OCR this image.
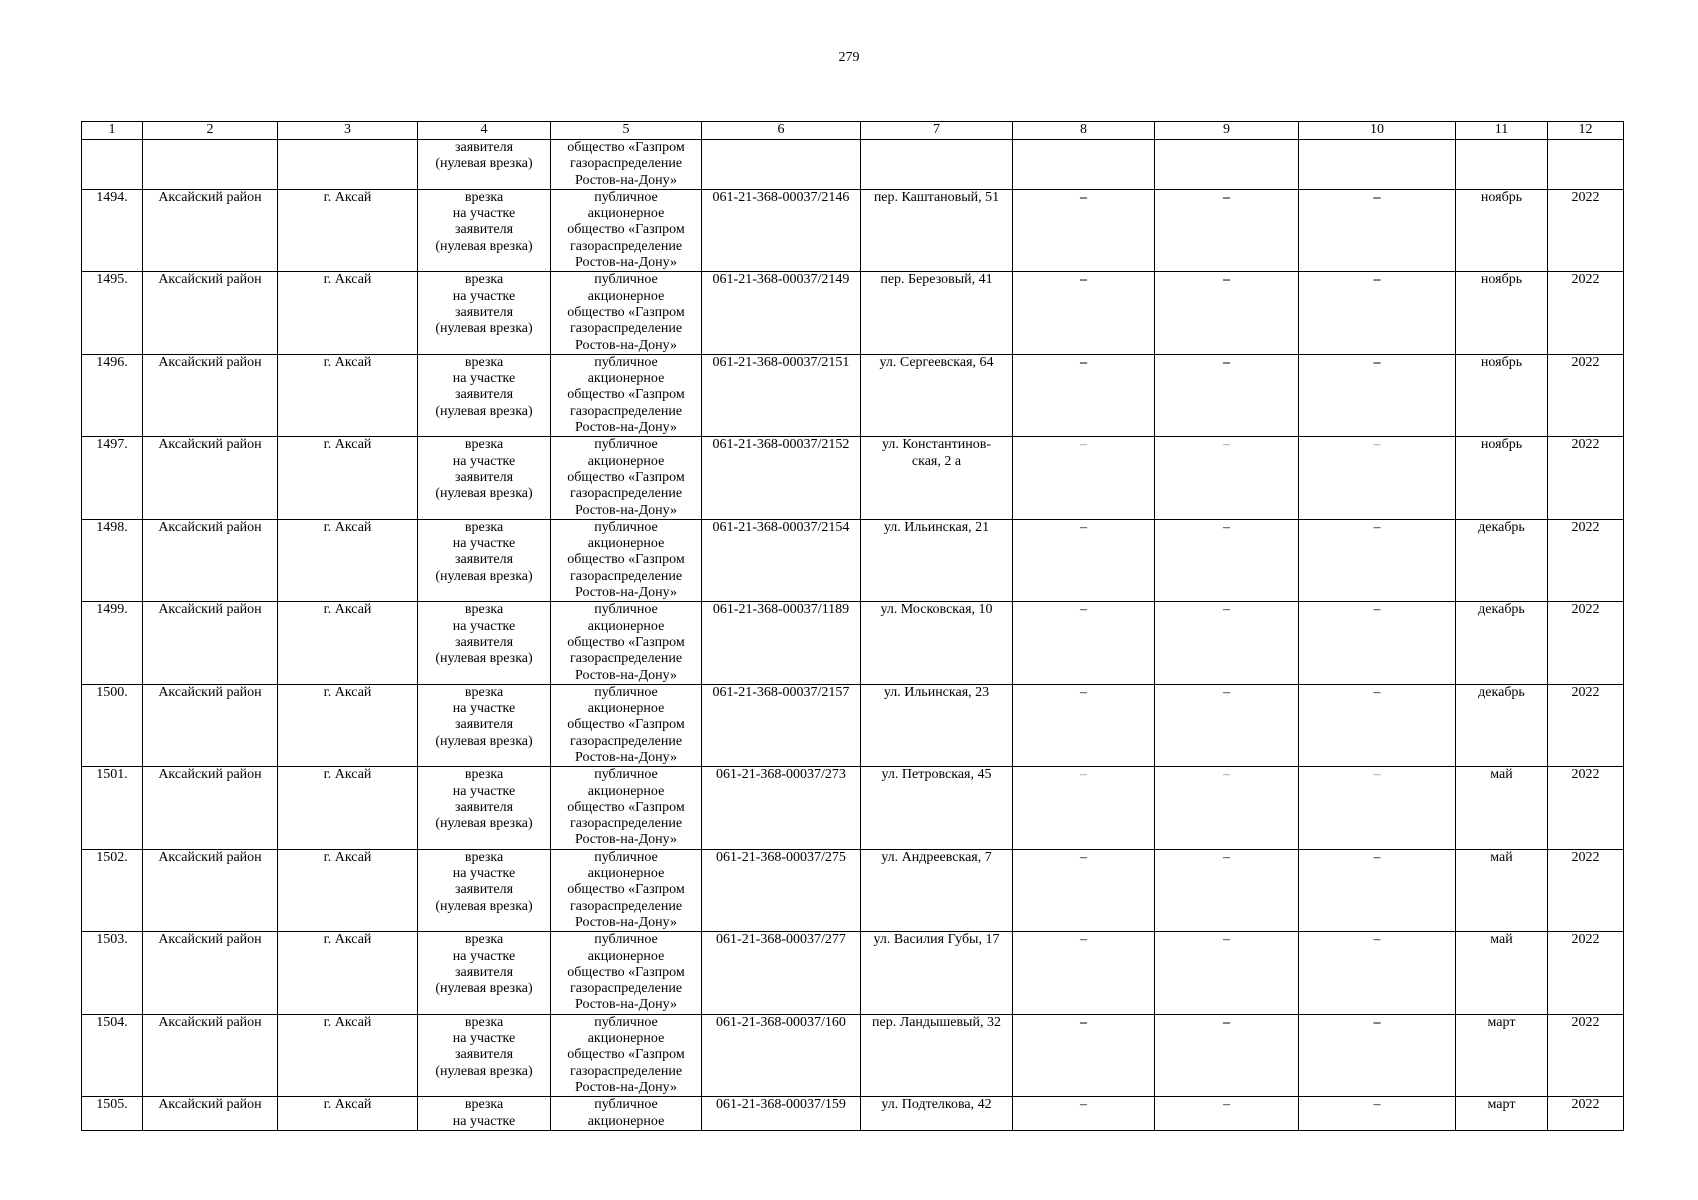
279
1	2	3	4	5	6	7	8	9	10	11	12

			заявителя
(нулевая врезка)	общество «Газпром
газораспределение
Ростов-на-Дону»							

1494.	Аксайский район	г. Аксай	врезка
на участке
заявителя
(нулевая врезка)	публичное
акционерное
общество «Газпром
газораспределение
Ростов-на-Дону»	061-21-368-00037/2146	пер. Каштановый, 51	–	–	–	ноябрь	2022
1495.	Аксайский район	г. Аксай	врезка
на участке
заявителя
(нулевая врезка)	публичное
акционерное
общество «Газпром
газораспределение
Ростов-на-Дону»	061-21-368-00037/2149	пер. Березовый, 41	–	–	–	ноябрь	2022
1496.	Аксайский район	г. Аксай	врезка
на участке
заявителя
(нулевая врезка)	публичное
акционерное
общество «Газпром
газораспределение
Ростов-на-Дону»	061-21-368-00037/2151	ул. Сергеевская, 64	–	–	–	ноябрь	2022
1497.	Аксайский район	г. Аксай	врезка
на участке
заявителя
(нулевая врезка)	публичное
акционерное
общество «Газпром
газораспределение
Ростов-на-Дону»	061-21-368-00037/2152	ул. Константинов-
ская, 2 а	–	–	–	ноябрь	2022
1498.	Аксайский район	г. Аксай	врезка
на участке
заявителя
(нулевая врезка)	публичное
акционерное
общество «Газпром
газораспределение
Ростов-на-Дону»	061-21-368-00037/2154	ул. Ильинская, 21	–	–	–	декабрь	2022
1499.	Аксайский район	г. Аксай	врезка
на участке
заявителя
(нулевая врезка)	публичное
акционерное
общество «Газпром
газораспределение
Ростов-на-Дону»	061-21-368-00037/1189	ул. Московская, 10	–	–	–	декабрь	2022
1500.	Аксайский район	г. Аксай	врезка
на участке
заявителя
(нулевая врезка)	публичное
акционерное
общество «Газпром
газораспределение
Ростов-на-Дону»	061-21-368-00037/2157	ул. Ильинская, 23	–	–	–	декабрь	2022
1501.	Аксайский район	г. Аксай	врезка
на участке
заявителя
(нулевая врезка)	публичное
акционерное
общество «Газпром
газораспределение
Ростов-на-Дону»	061-21-368-00037/273	ул. Петровская, 45	–	–	–	май	2022
1502.	Аксайский район	г. Аксай	врезка
на участке
заявителя
(нулевая врезка)	публичное
акционерное
общество «Газпром
газораспределение
Ростов-на-Дону»	061-21-368-00037/275	ул. Андреевская, 7	–	–	–	май	2022
1503.	Аксайский район	г. Аксай	врезка
на участке
заявителя
(нулевая врезка)	публичное
акционерное
общество «Газпром
газораспределение
Ростов-на-Дону»	061-21-368-00037/277	ул. Василия Губы, 17	–	–	–	май	2022
1504.	Аксайский район	г. Аксай	врезка
на участке
заявителя
(нулевая врезка)	публичное
акционерное
общество «Газпром
газораспределение
Ростов-на-Дону»	061-21-368-00037/160	пер. Ландышевый, 32	–	–	–	март	2022
1505.	Аксайский район	г. Аксай	врезка
на участке	публичное
акционерное	061-21-368-00037/159	ул. Подтелкова, 42	–	–	–	март	2022
